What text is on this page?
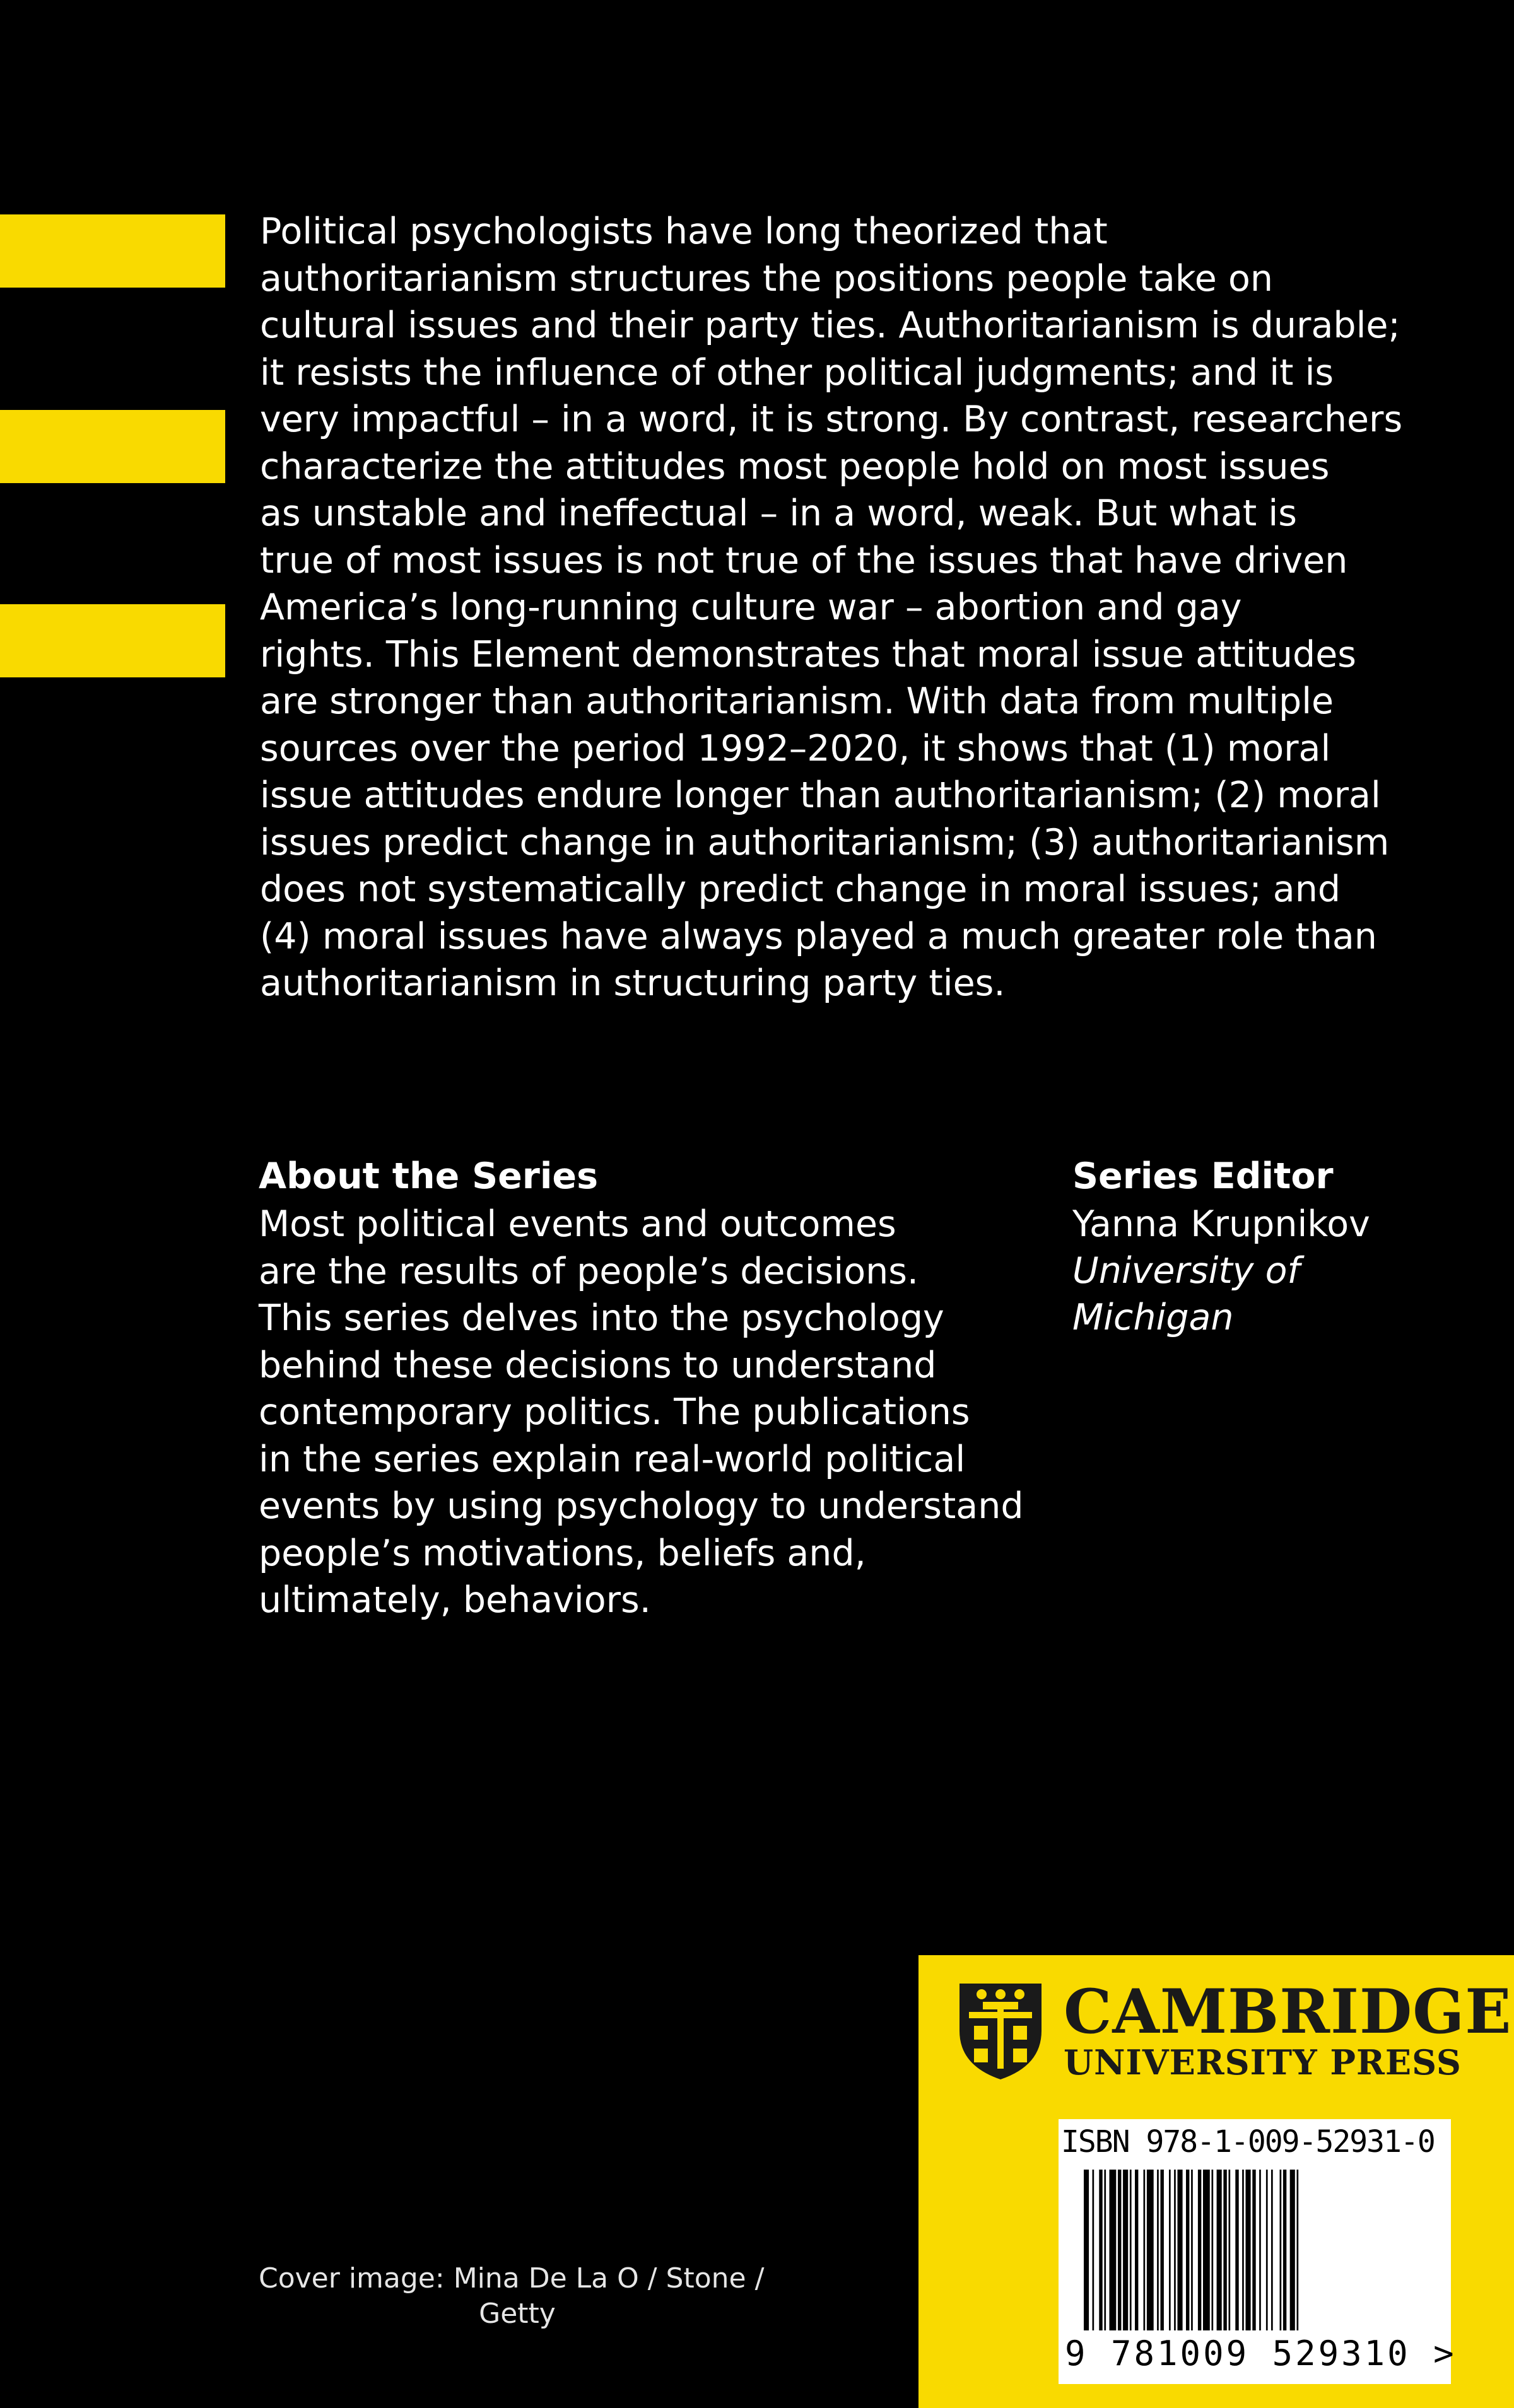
Political psychologists have long theorized that
authoritarianism structures the positions people take on
cultural issues and their party ties. Authoritarianism is durable;
it resists the influence of other political judgments; and it is
very impactful – in a word, it is strong. By contrast, researchers
characterize the attitudes most people hold on most issues
as unstable and ineffectual – in a word, weak. But what is
true of most issues is not true of the issues that have driven
America’s long-running culture war – abortion and gay
rights. This Element demonstrates that moral issue attitudes
are stronger than authoritarianism. With data from multiple
sources over the period 1992–2020, it shows that (1) moral
issue attitudes endure longer than authoritarianism; (2) moral
issues predict change in authoritarianism; (3) authoritarianism
does not systematically predict change in moral issues; and
(4) moral issues have always played a much greater role than
authoritarianism in structuring party ties.
About the Series
Most political events and outcomes
are the results of people’s decisions.
This series delves into the psychology
behind these decisions to understand
contemporary politics. The publications
in the series explain real-world political
events by using psychology to understand
people’s motivations, beliefs and,
ultimately, behaviors.
Series Editor

Yanna Krupnikov

University of
Michigan

Cover image: Mina De La O / Stone /
Getty

CAMBRIDGE
UNIVERSITY PRESS

ISBN 978-1-009-52931-0

9 781009 529310 >
